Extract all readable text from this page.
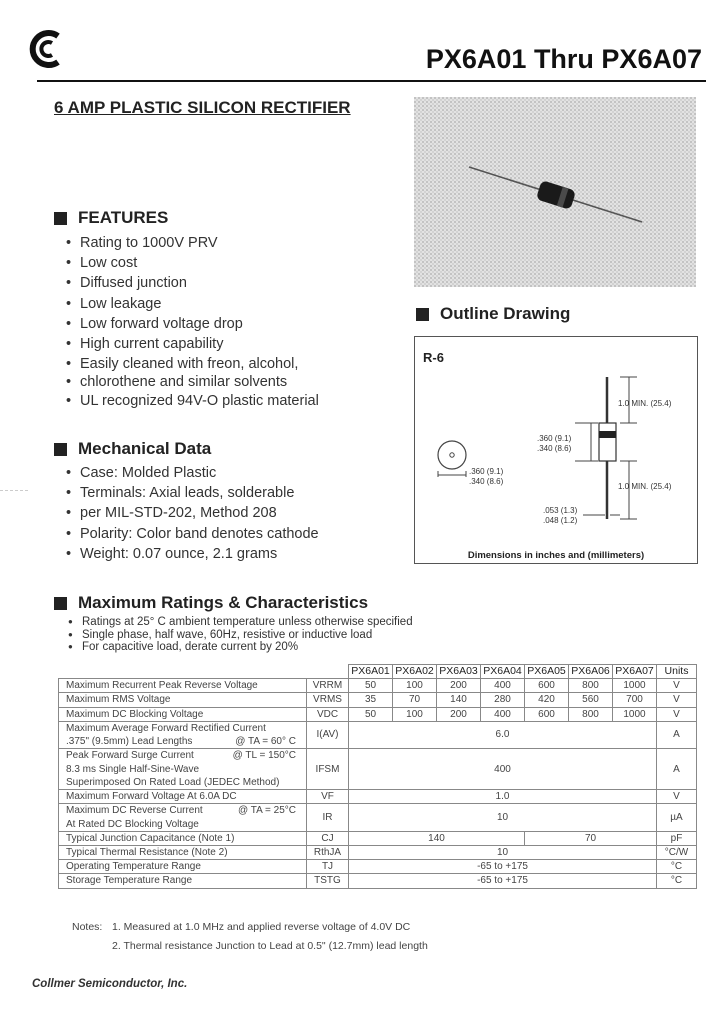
PX6A01 Thru PX6A07
6 AMP PLASTIC SILICON RECTIFIER
FEATURES
• Rating to 1000V PRV
• Low cost
• Diffused junction
• Low leakage
• Low forward voltage drop
• High current capability
• Easily cleaned with freon, alcohol,
• chlorothene and similar solvents
• UL recognized 94V-O plastic material
Mechanical Data
• Case: Molded Plastic
• Terminals: Axial leads, solderable
• per MIL-STD-202, Method 208
• Polarity: Color band denotes cathode
• Weight: 0.07 ounce, 2.1 grams
Outline Drawing
R-6
.360 (9.1)
.340 (8.6)
1.0 MIN. (25.4)
.360 (9.1)
.340 (8.6)
1.0 MIN. (25.4)
.053 (1.3)
.048 (1.2)
Dimensions in inches and (millimeters)
Maximum Ratings & Characteristics
● Ratings at 25° C ambient temperature unless otherwise specified
● Single phase, half wave, 60Hz, resistive or inductive load
● For capacitive load, derate current by 20%
		PX6A01	PX6A02	PX6A03	PX6A04	PX6A05	PX6A06	PX6A07	Units
Maximum Recurrent Peak Reverse Voltage	VRRM	50	100	200	400	600	800	1000	V
Maximum RMS Voltage	VRMS	35	70	140	280	420	560	700	V
Maximum DC Blocking Voltage	VDC	50	100	200	400	600	800	1000	V

Maximum Average Forward Rectified Current
.375" (9.5mm) Lead Lengths @ TA = 60° C	I(AV)	6.0							A

Peak Forward Surge Current @ TL = 150°C
8.3 ms Single Half-Sine-Wave
Superimposed On Rated Load (JEDEC Method)	IFSM	400							A
Maximum Forward Voltage At 6.0A DC	VF	1.0							V

Maximum DC Reverse Current @ TA = 25°C
At Rated DC Blocking Voltage	IR	10							µA
Typical Junction Capacitance (Note 1)	CJ	140				70			pF
Typical Thermal Resistance (Note 2)	RthJA	10							°C/W
Operating Temperature Range	TJ	-65 to +175							°C
Storage Temperature Range	TSTG	-65 to +175							°C
Notes: 1. Measured at 1.0 MHz and applied reverse voltage of 4.0V DC
2. Thermal resistance Junction to Lead at 0.5" (12.7mm) lead length
Collmer Semiconductor, Inc.
